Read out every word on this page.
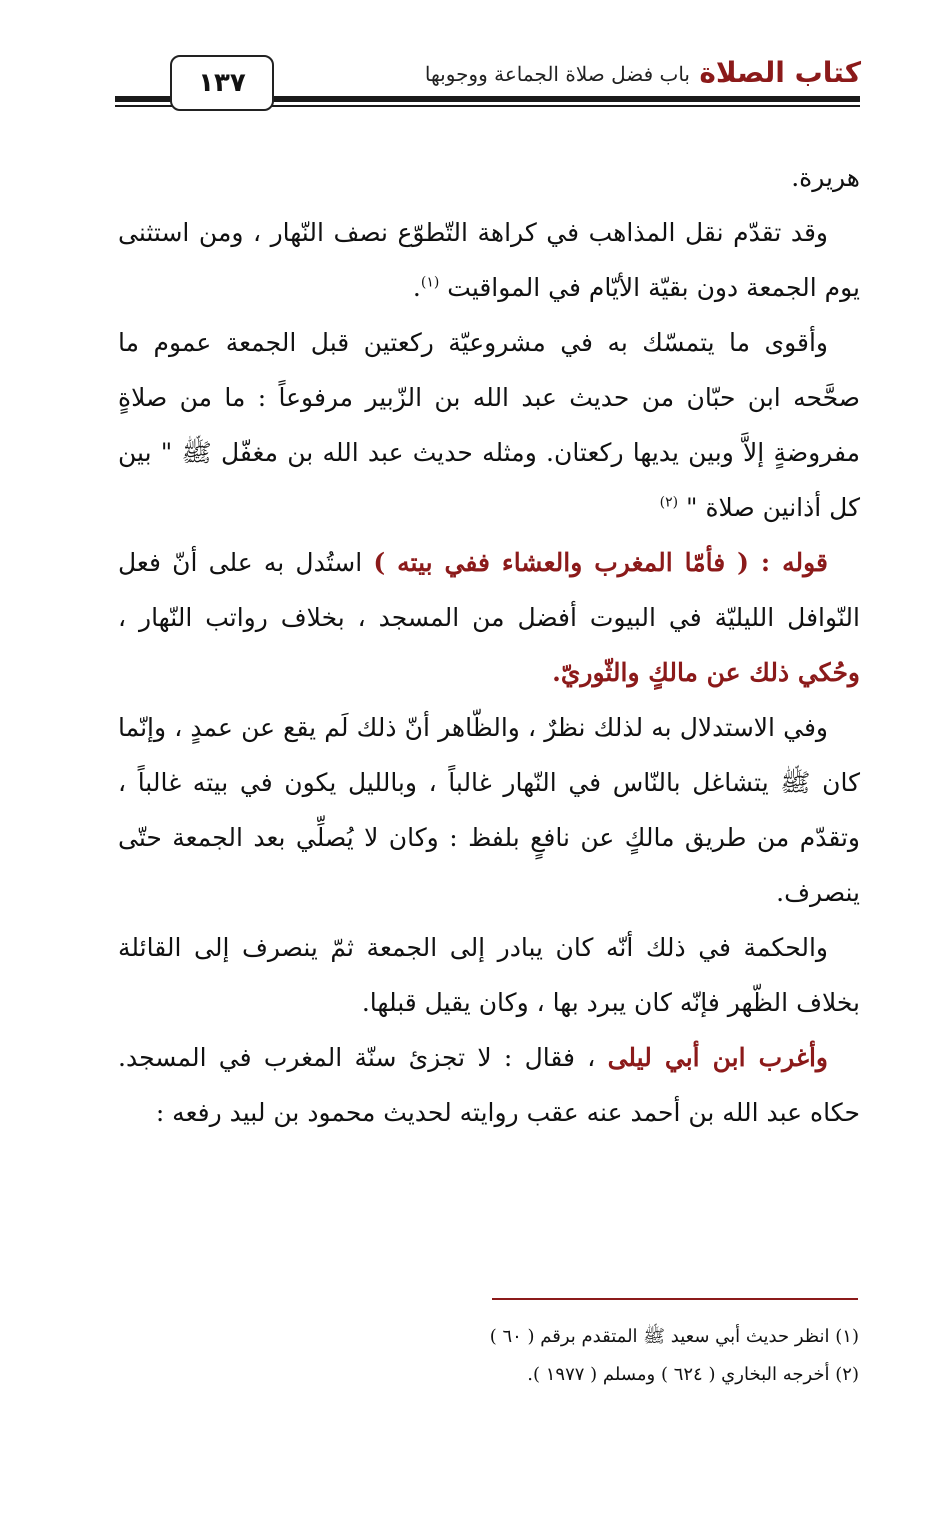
١٣٧	كتاب الصلاة
باب فضل صلاة الجماعة ووجوبها

هريرة.

وقد تقدّم نقل المذاهب في كراهة التّطوّع نصف النّهار ، ومن استثنى يوم الجمعة دون بقيّة الأيّام في المواقيت $^{(١)}$.

وأقوى ما يتمسّك به في مشروعيّة ركعتين قبل الجمعة عموم ما صحَّحه ابن حبّان من حديث عبد الله بن الزّبير مرفوعاً : ما من صلاةٍ مفروضةٍ إلاَّ وبين يديها ركعتان. ومثله حديث عبد الله بن مغفّل ﷺ " بين كل أذانين صلاة " $^{(٢)}$

قوله : ( فأمّا المغرب والعشاء ففي بيته ) استُدل به على أنّ فعل النّوافل الليليّة في البيوت أفضل من المسجد ، بخلاف رواتب النّهار ، وحُكي ذلك عن مالكٍ والثّوريّ.

وفي الاستدلال به لذلك نظرٌ ، والظّاهر أنّ ذلك لَم يقع عن عمدٍ ، وإنّما كان ﷺ يتشاغل بالنّاس في النّهار غالباً ، وبالليل يكون في بيته غالباً ، وتقدّم من طريق مالكٍ عن نافعٍ بلفظ : وكان لا يُصلِّي بعد الجمعة حتّى ينصرف.

والحكمة في ذلك أنّه كان يبادر إلى الجمعة ثمّ ينصرف إلى القائلة بخلاف الظّهر فإنّه كان يبرد بها ، وكان يقيل قبلها.

وأغرب ابن أبي ليلى ، فقال : لا تجزئ سنّة المغرب في المسجد. حكاه عبد الله بن أحمد عنه عقب روايته لحديث محمود بن لبيد رفعه :

(١) انظر حديث أبي سعيد ﷺ المتقدم برقم ( ٦٠ )

(٢) أخرجه البخاري ( ٦٢٤ ) ومسلم ( ١٩٧٧ ).
